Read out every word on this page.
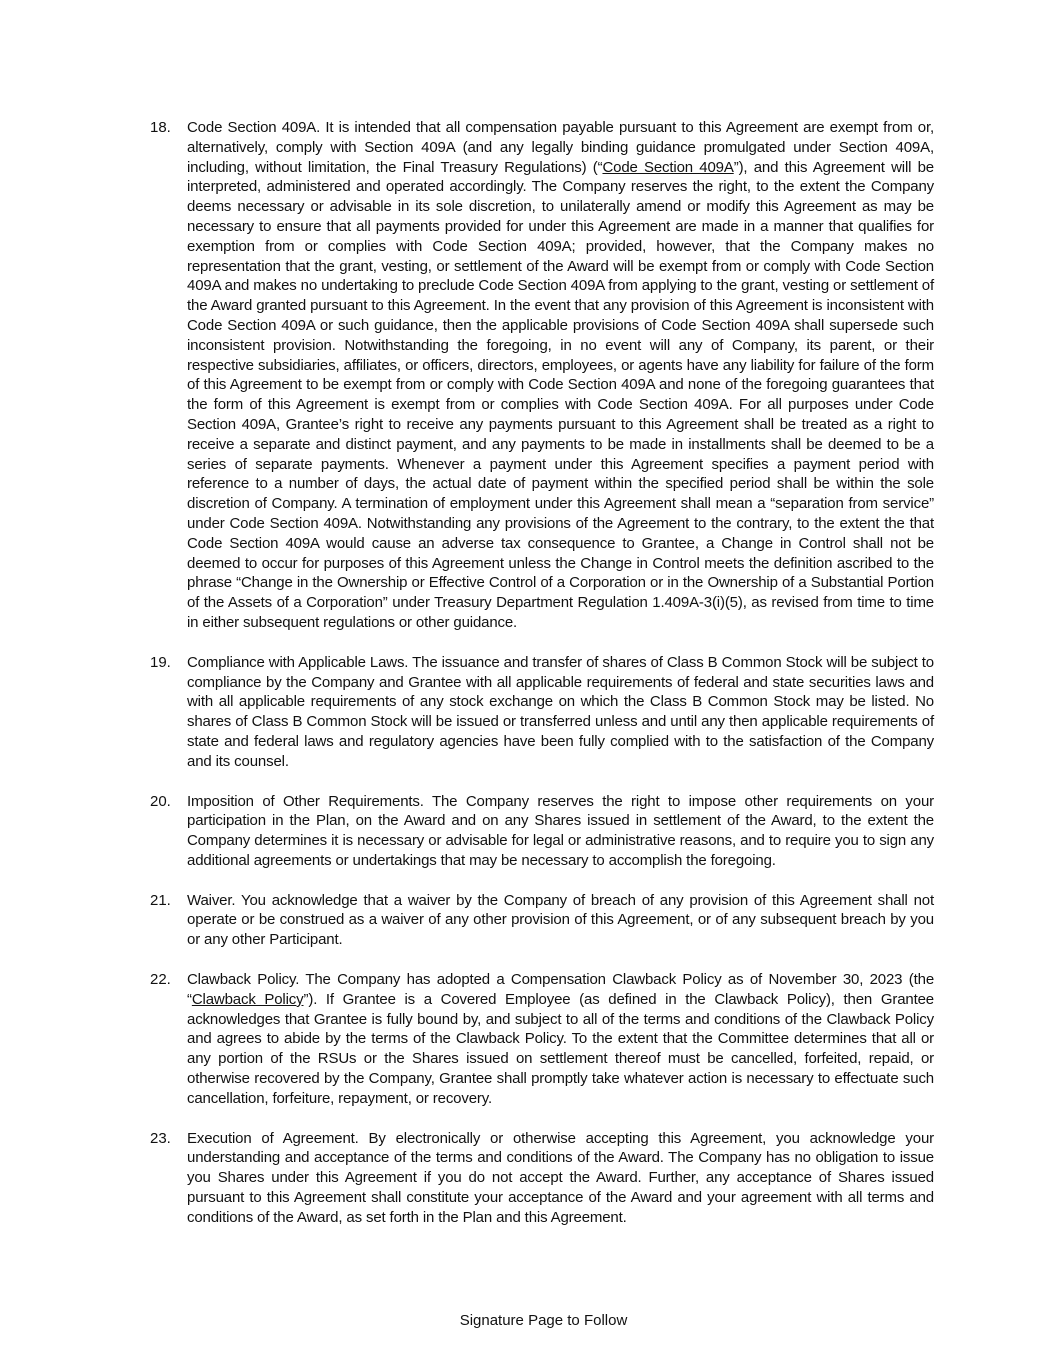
18.	Code Section 409A. It is intended that all compensation payable pursuant to this Agreement are exempt from or, alternatively, comply with Section 409A (and any legally binding guidance promulgated under Section 409A, including, without limitation, the Final Treasury Regulations) (“Code Section 409A”), and this Agreement will be interpreted, administered and operated accordingly. The Company reserves the right, to the extent the Company deems necessary or advisable in its sole discretion, to unilaterally amend or modify this Agreement as may be necessary to ensure that all payments provided for under this Agreement are made in a manner that qualifies for exemption from or complies with Code Section 409A; provided, however, that the Company makes no representation that the grant, vesting, or settlement of the Award will be exempt from or comply with Code Section 409A and makes no undertaking to preclude Code Section 409A from applying to the grant, vesting or settlement of the Award granted pursuant to this Agreement. In the event that any provision of this Agreement is inconsistent with Code Section 409A or such guidance, then the applicable provisions of Code Section 409A shall supersede such inconsistent provision. Notwithstanding the foregoing, in no event will any of Company, its parent, or their respective subsidiaries, affiliates, or officers, directors, employees, or agents have any liability for failure of the form of this Agreement to be exempt from or comply with Code Section 409A and none of the foregoing guarantees that the form of this Agreement is exempt from or complies with Code Section 409A. For all purposes under Code Section 409A, Grantee’s right to receive any payments pursuant to this Agreement shall be treated as a right to receive a separate and distinct payment, and any payments to be made in installments shall be deemed to be a series of separate payments. Whenever a payment under this Agreement specifies a payment period with reference to a number of days, the actual date of payment within the specified period shall be within the sole discretion of Company. A termination of employment under this Agreement shall mean a “separation from service” under Code Section 409A. Notwithstanding any provisions of the Agreement to the contrary, to the extent the that Code Section 409A would cause an adverse tax consequence to Grantee, a Change in Control shall not be deemed to occur for purposes of this Agreement unless the Change in Control meets the definition ascribed to the phrase “Change in the Ownership or Effective Control of a Corporation or in the Ownership of a Substantial Portion of the Assets of a Corporation” under Treasury Department Regulation 1.409A-3(i)(5), as revised from time to time in either subsequent regulations or other guidance.
19.	Compliance with Applicable Laws. The issuance and transfer of shares of Class B Common Stock will be subject to compliance by the Company and Grantee with all applicable requirements of federal and state securities laws and with all applicable requirements of any stock exchange on which the Class B Common Stock may be listed. No shares of Class B Common Stock will be issued or transferred unless and until any then applicable requirements of state and federal laws and regulatory agencies have been fully complied with to the satisfaction of the Company and its counsel.
20.	Imposition of Other Requirements. The Company reserves the right to impose other requirements on your participation in the Plan, on the Award and on any Shares issued in settlement of the Award, to the extent the Company determines it is necessary or advisable for legal or administrative reasons, and to require you to sign any additional agreements or undertakings that may be necessary to accomplish the foregoing.
21.	Waiver. You acknowledge that a waiver by the Company of breach of any provision of this Agreement shall not operate or be construed as a waiver of any other provision of this Agreement, or of any subsequent breach by you or any other Participant.
22.	Clawback Policy. The Company has adopted a Compensation Clawback Policy as of November 30, 2023 (the “Clawback Policy”). If Grantee is a Covered Employee (as defined in the Clawback Policy), then Grantee acknowledges that Grantee is fully bound by, and subject to all of the terms and conditions of the Clawback Policy and agrees to abide by the terms of the Clawback Policy. To the extent that the Committee determines that all or any portion of the RSUs or the Shares issued on settlement thereof must be cancelled, forfeited, repaid, or otherwise recovered by the Company, Grantee shall promptly take whatever action is necessary to effectuate such cancellation, forfeiture, repayment, or recovery.
23.	Execution of Agreement. By electronically or otherwise accepting this Agreement, you acknowledge your understanding and acceptance of the terms and conditions of the Award. The Company has no obligation to issue you Shares under this Agreement if you do not accept the Award. Further, any acceptance of Shares issued pursuant to this Agreement shall constitute your acceptance of the Award and your agreement with all terms and conditions of the Award, as set forth in the Plan and this Agreement.
Signature Page to Follow
